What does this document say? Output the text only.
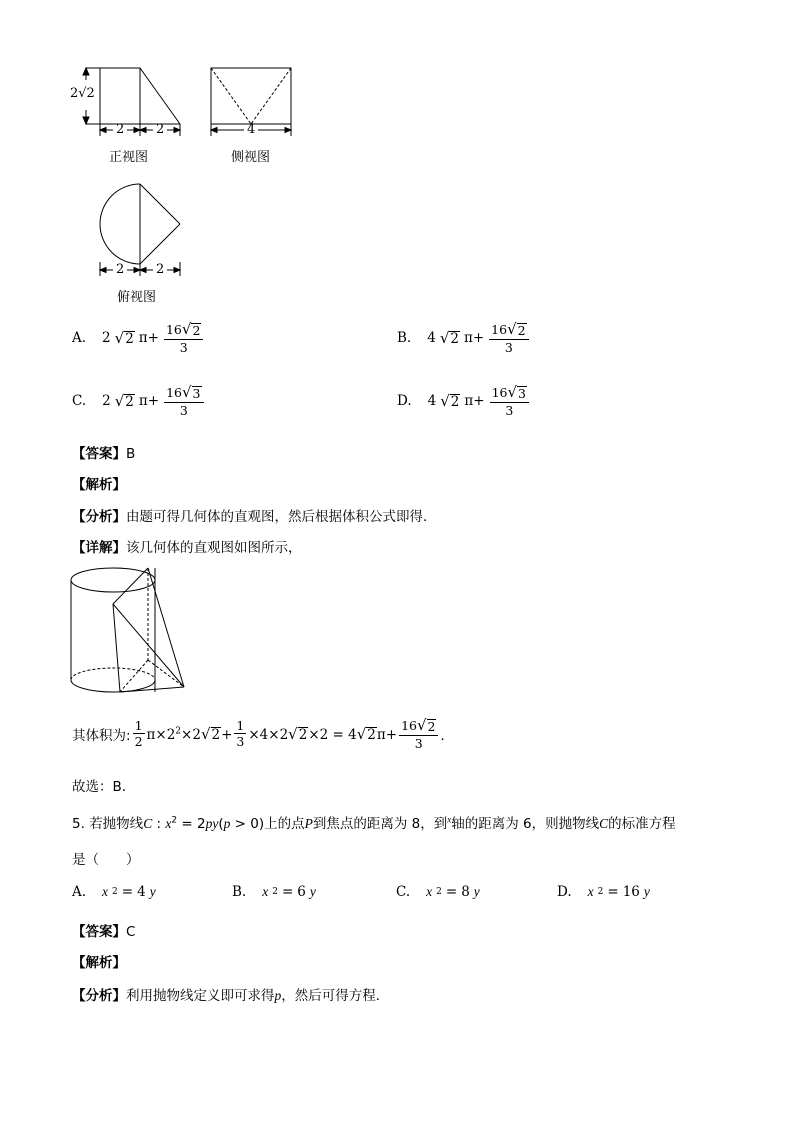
2√2
2 2	4
2 2
正视图	侧视图
俯视图
A. 2 √ 2 $\pi+ \frac{16 √ 2}{3}$	B. 4 √ 2 $\pi+ \frac{16 √ 2}{3}$
C. 2 √ 2 $\pi+ \frac{16 √ 3}{3}$	D. 4 √ 2 $\pi+ \frac{16 √ 3}{3}$
【答案】B
【解析】
【分析】由题可得几何体的直观图，然后根据体积公式即得．
【详解】该几何体的直观图如图所示，
其体积为: $\frac{1}{2} \pi\times 2^2\times 2$ √ $2 + \frac{1}{3} \times 4\times 2$ √ 2 ×2 = 4 √ 2 $\pi+ \frac{16 √ 2}{3}$ ．
故选：B．
5. 若抛物线C : $x^2 = 2py(p > 0)$上的点P到焦点的距离为 8，到$^x$轴的距离为 6，则抛物线C的标准方程
是（　　）
A. x 2 = 4 y	B. x 2 = 6 y	C. x 2 = 8 y	D. x 2 = 16 y
【答案】C
【解析】
【分析】利用抛物线定义即可求得p，然后可得方程．
